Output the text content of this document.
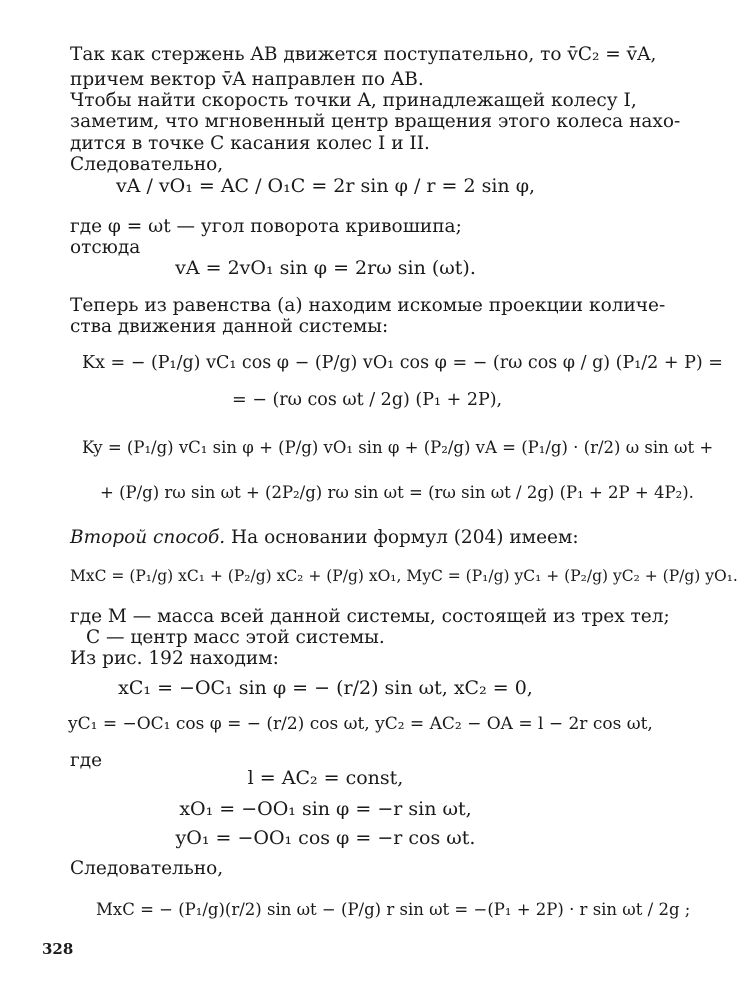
Так как стержень AB движется поступательно, то v̄C₂ = v̄A,
причем вектор v̄A направлен по AB.
Чтобы найти скорость точки A, принадлежащей колесу I,
заметим, что мгновенный центр вращения этого колеса нахо-
дится в точке C касания колес I и II.
Следовательно,
vA / vO₁ = AC / O₁C = 2r sin φ / r = 2 sin φ,
где φ = ωt — угол поворота кривошипа;
отсюда
vA = 2vO₁ sin φ = 2rω sin (ωt).
Теперь из равенства (а) находим искомые проекции количе-
ства движения данной системы:
Kx = − (P₁/g) vC₁ cos φ − (P/g) vO₁ cos φ = − (rω cos φ / g) (P₁/2 + P) =
= − (rω cos ωt / 2g) (P₁ + 2P),
Ky = (P₁/g) vC₁ sin φ + (P/g) vO₁ sin φ + (P₂/g) vA = (P₁/g) · (r/2) ω sin ωt +
+ (P/g) rω sin ωt + (2P₂/g) rω sin ωt = (rω sin ωt / 2g) (P₁ + 2P + 4P₂).
Второй способ. На основании формул (204) имеем:
MxC = (P₁/g) xC₁ + (P₂/g) xC₂ + (P/g) xO₁, MyC = (P₁/g) yC₁ + (P₂/g) yC₂ + (P/g) yO₁.
где M — масса всей данной системы, состоящей из трех тел;
C — центр масс этой системы.
Из рис. 192 находим:
xC₁ = −OC₁ sin φ = − (r/2) sin ωt, xC₂ = 0,
yC₁ = −OC₁ cos φ = − (r/2) cos ωt, yC₂ = AC₂ − OA = l − 2r cos ωt,
где
l = AC₂ = const,
xO₁ = −OO₁ sin φ = −r sin ωt,
yO₁ = −OO₁ cos φ = −r cos ωt.
Следовательно,
MxC = − (P₁/g)(r/2) sin ωt − (P/g) r sin ωt = −(P₁ + 2P) · r sin ωt / 2g ;
328
